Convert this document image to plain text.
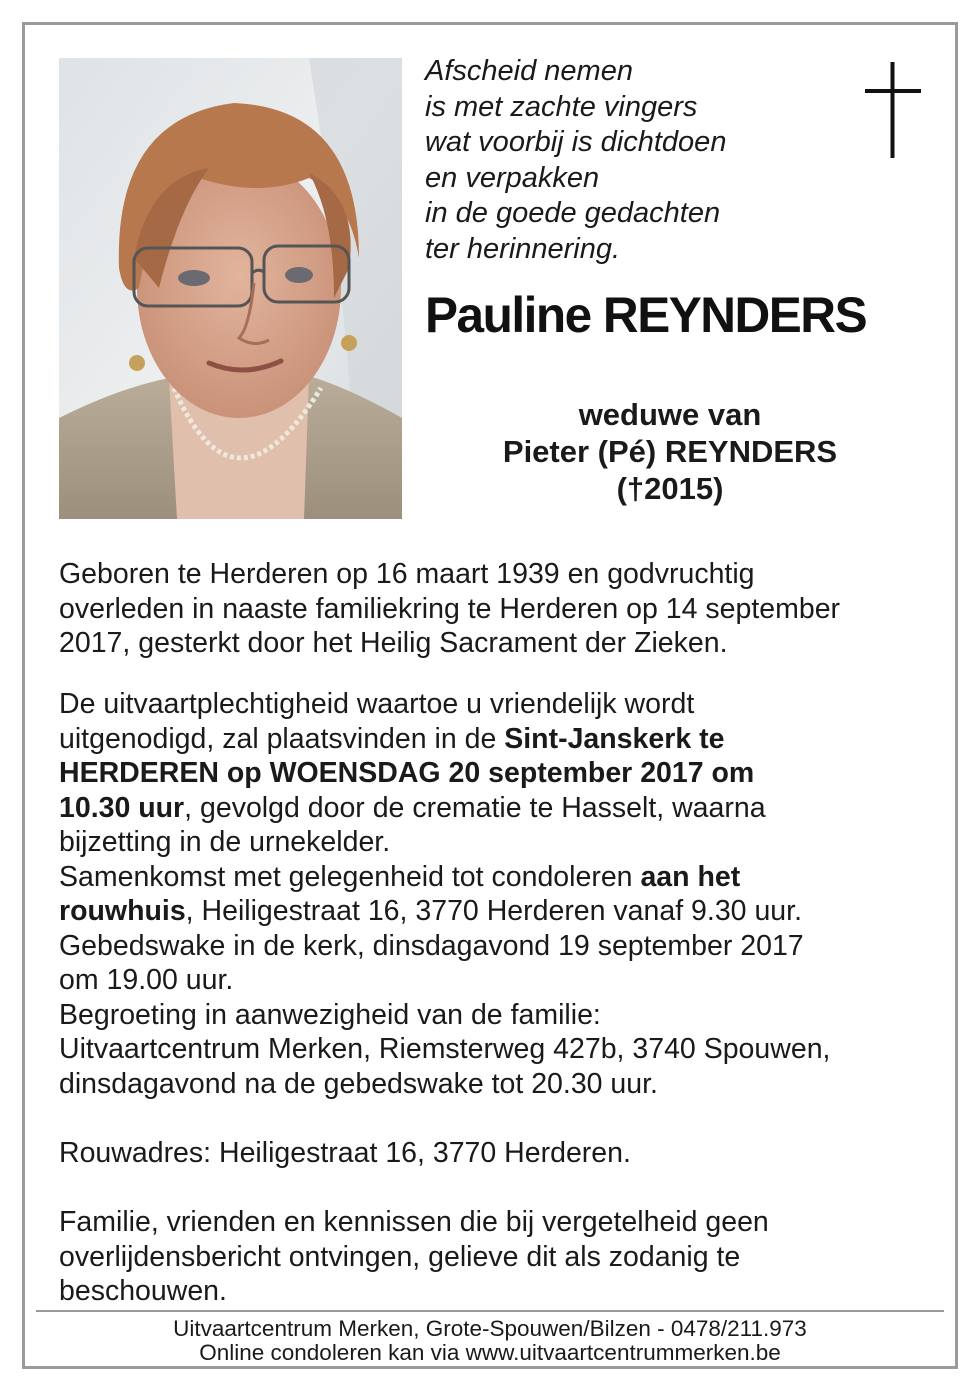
Afscheid nemen
is met zachte vingers
wat voorbij is dichtdoen
en verpakken
in de goede gedachten
ter herinnering.
Pauline REYNDERS
weduwe van
Pieter (Pé) REYNDERS
(†2015)
Geboren te Herderen op 16 maart 1939 en godvruchtig
overleden in naaste familiekring te Herderen op 14 september
2017, gesterkt door het Heilig Sacrament der Zieken.
De uitvaartplechtigheid waartoe u vriendelijk wordt
uitgenodigd, zal plaatsvinden in de Sint-Janskerk te
HERDEREN op WOENSDAG 20 september 2017 om
10.30 uur, gevolgd door de crematie te Hasselt, waarna
bijzetting in de urnekelder.
Samenkomst met gelegenheid tot condoleren aan het
rouwhuis, Heiligestraat 16, 3770 Herderen vanaf 9.30 uur.
Gebedswake in de kerk, dinsdagavond 19 september 2017
om 19.00 uur.
Begroeting in aanwezigheid van de familie:
Uitvaartcentrum Merken, Riemsterweg 427b, 3740 Spouwen,
dinsdagavond na de gebedswake tot 20.30 uur.
Rouwadres: Heiligestraat 16, 3770 Herderen.
Familie, vrienden en kennissen die bij vergetelheid geen
overlijdensbericht ontvingen, gelieve dit als zodanig te
beschouwen.
Uitvaartcentrum Merken, Grote-Spouwen/Bilzen - 0478/211.973
Online condoleren kan via www.uitvaartcentrummerken.be
